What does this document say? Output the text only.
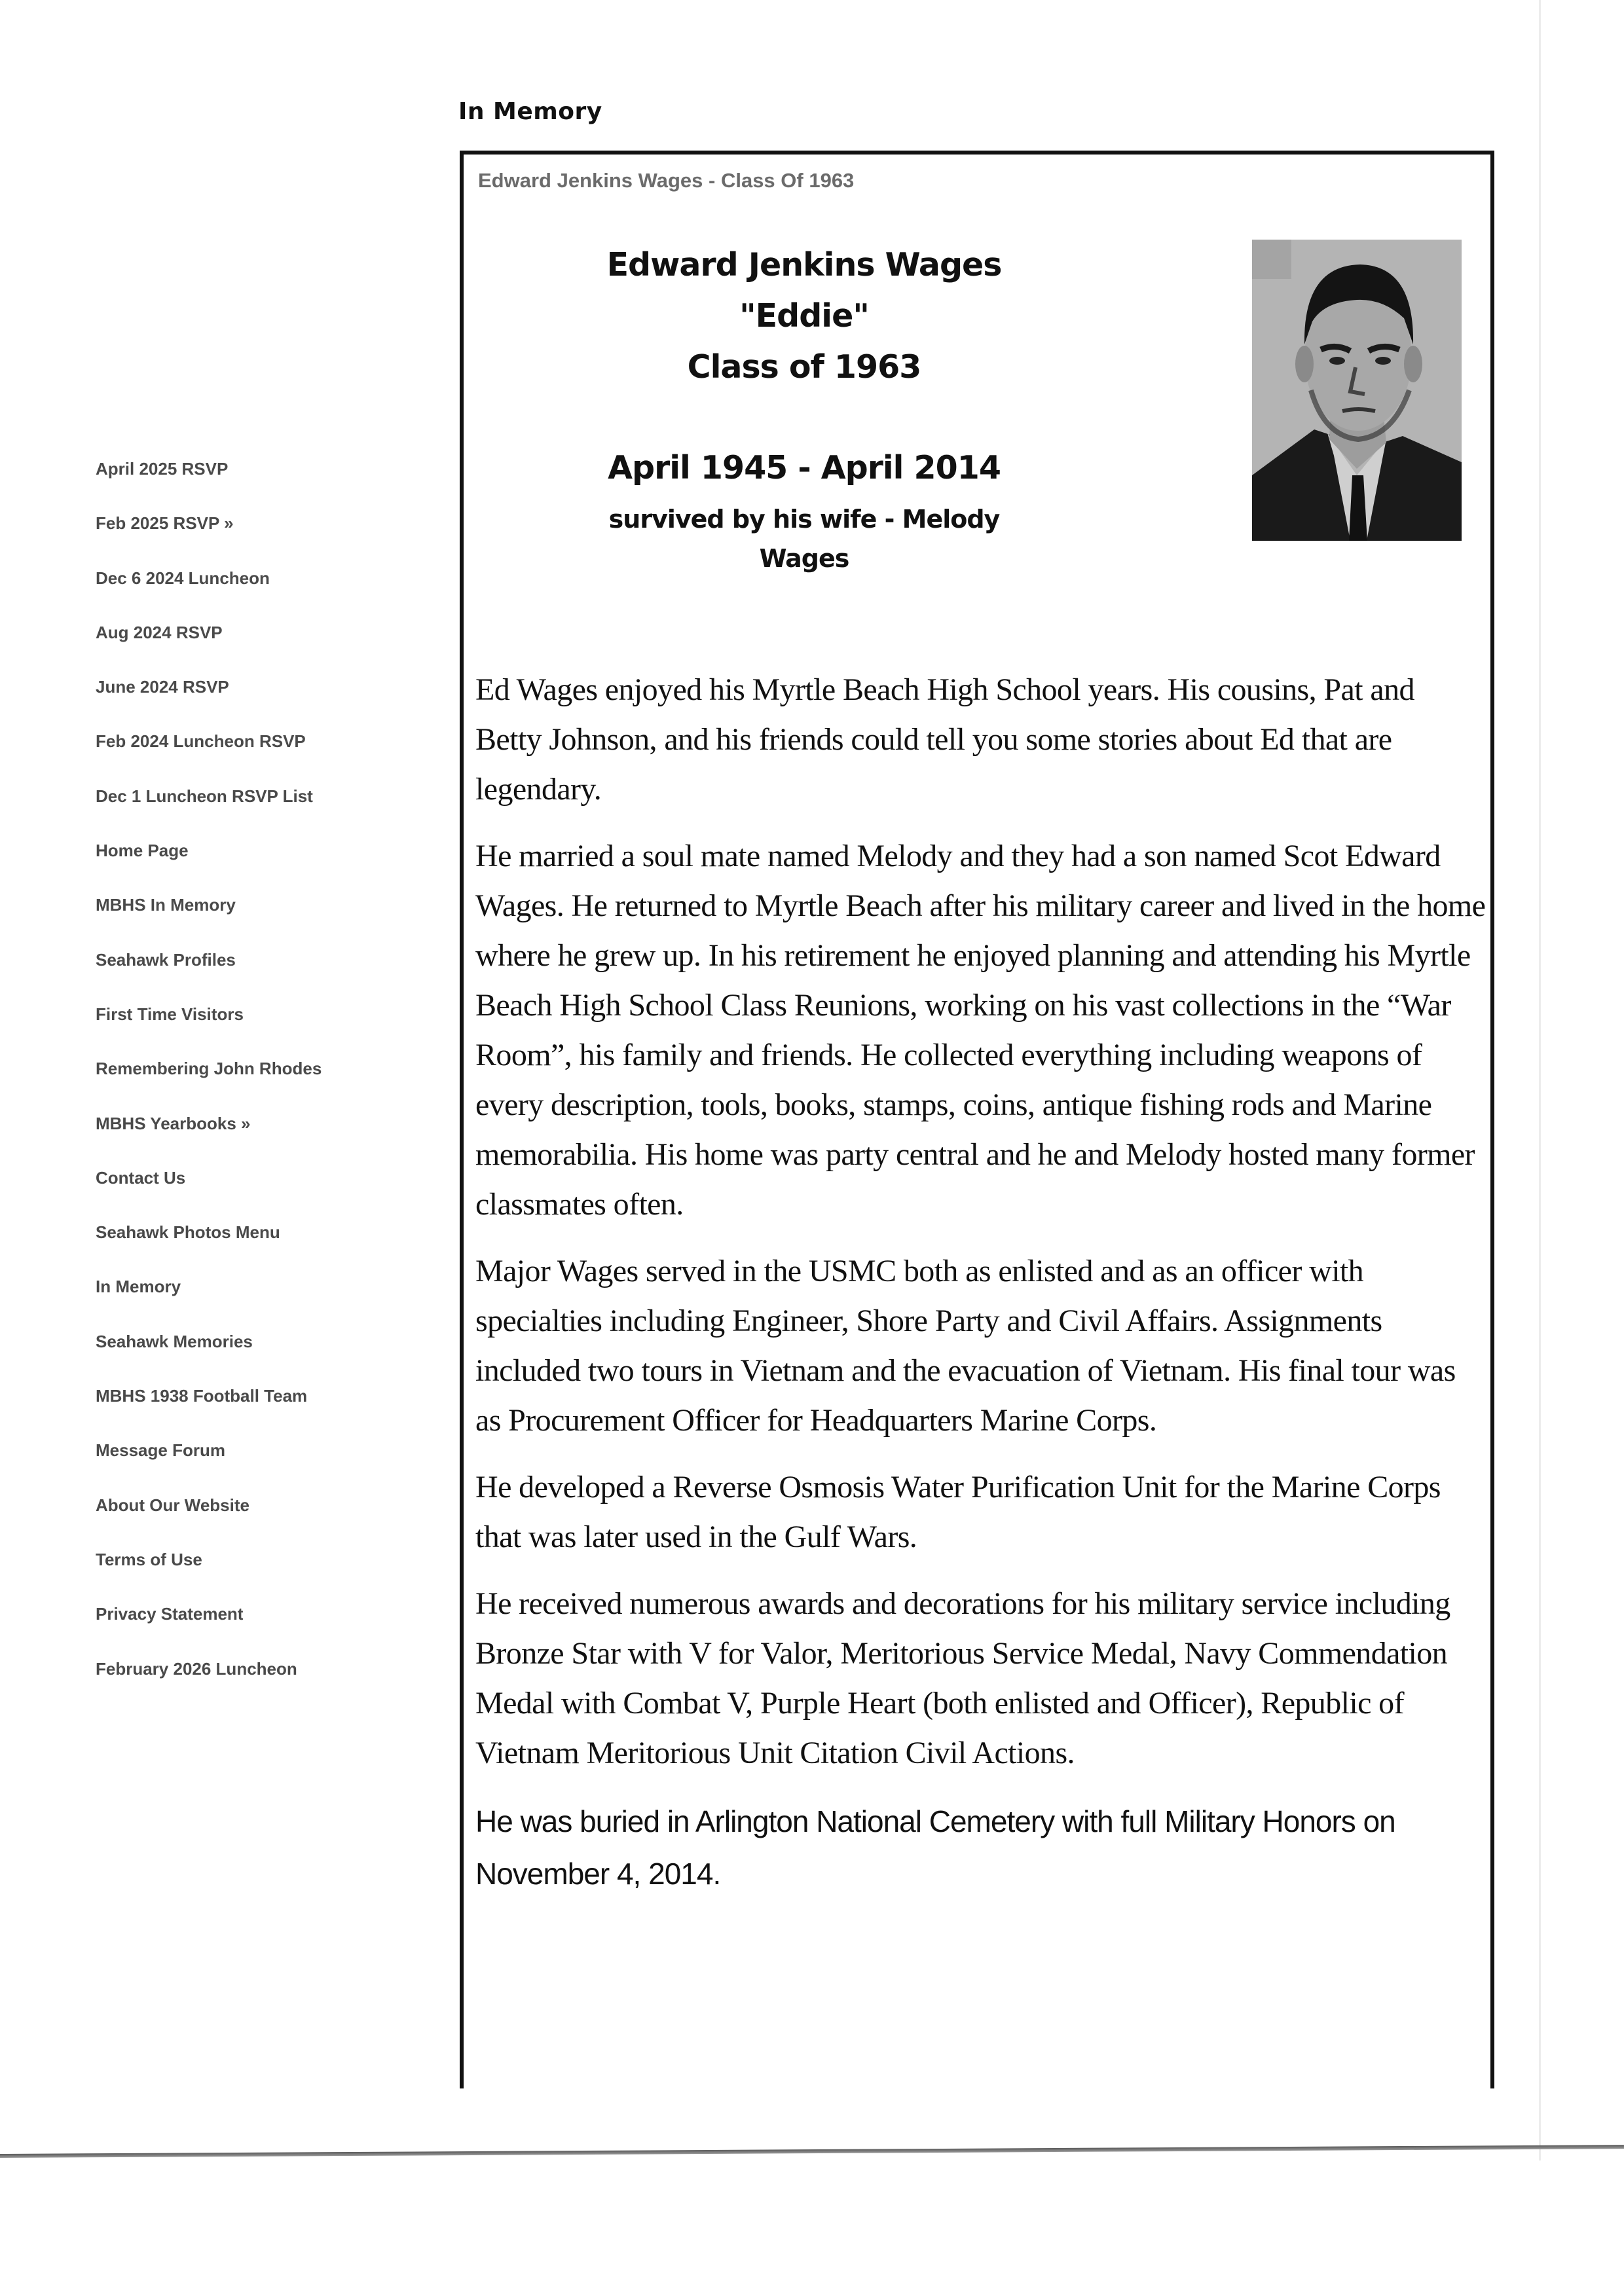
In Memory
April 2025 RSVP
Feb 2025 RSVP »
Dec 6 2024 Luncheon
Aug 2024 RSVP
June 2024 RSVP
Feb 2024 Luncheon RSVP
Dec 1 Luncheon RSVP List
Home Page
MBHS In Memory
Seahawk Profiles
First Time Visitors
Remembering John Rhodes
MBHS Yearbooks »
Contact Us
Seahawk Photos Menu
In Memory
Seahawk Memories
MBHS 1938 Football Team
Message Forum
About Our Website
Terms of Use
Privacy Statement
February 2026 Luncheon
Edward Jenkins Wages - Class Of 1963
Edward Jenkins Wages
"Eddie"
Class of 1963
April 1945 - April 2014
survived by his wife - Melody Wages

Ed Wages enjoyed his Myrtle Beach High School years. His cousins, Pat and Betty Johnson, and his friends could tell you some stories about Ed that are legendary.

He married a soul mate named Melody and they had a son named Scot Edward Wages. He returned to Myrtle Beach after his military career and lived in the home where he grew up. In his retirement he enjoyed planning and attending his Myrtle Beach High School Class Reunions, working on his vast collections in the “War Room”, his family and friends. He collected everything including weapons of every description, tools, books, stamps, coins, antique fishing rods and Marine memorabilia. His home was party central and he and Melody hosted many former classmates often.

Major Wages served in the USMC both as enlisted and as an officer with specialties including Engineer, Shore Party and Civil Affairs. Assignments included two tours in Vietnam and the evacuation of Vietnam. His final tour was as Procurement Officer for Headquarters Marine Corps.

He developed a Reverse Osmosis Water Purification Unit for the Marine Corps that was later used in the Gulf Wars.

He received numerous awards and decorations for his military service including Bronze Star with V for Valor, Meritorious Service Medal, Navy Commendation Medal with Combat V, Purple Heart (both enlisted and Officer), Republic of Vietnam Meritorious Unit Citation Civil Actions.

He was buried in Arlington National Cemetery with full Military Honors on November 4, 2014.
